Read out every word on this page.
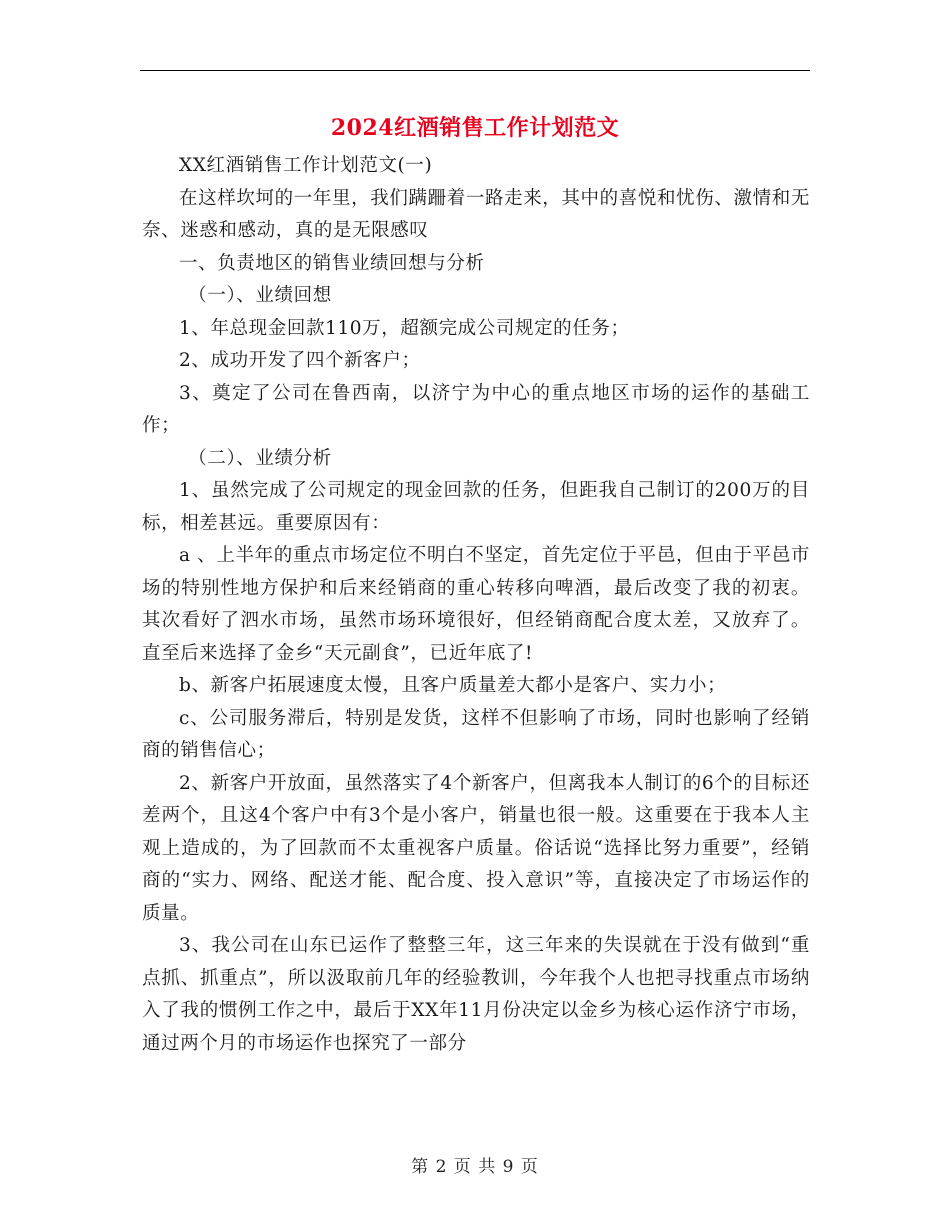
2024红酒销售工作计划范文

XX红酒销售工作计划范文(一)

在这样坎坷的一年里，我们蹒跚着一路走来，其中的喜悦和忧伤、激情和无奈、迷惑和感动，真的是无限感叹

一、负责地区的销售业绩回想与分析

（一）、业绩回想

1、年总现金回款110万，超额完成公司规定的任务；

2、成功开发了四个新客户；

3、奠定了公司在鲁西南，以济宁为中心的重点地区市场的运作的基础工作；

（二）、业绩分析

1、虽然完成了公司规定的现金回款的任务，但距我自己制订的200万的目标，相差甚远。重要原因有：

a 、上半年的重点市场定位不明白不坚定，首先定位于平邑，但由于平邑市场的特别性地方保护和后来经销商的重心转移向啤酒，最后改变了我的初衷。其次看好了泗水市场，虽然市场环境很好，但经销商配合度太差，又放弃了。直至后来选择了金乡“天元副食”，已近年底了!

b、新客户拓展速度太慢，且客户质量差大都小是客户、实力小；

c、公司服务滞后，特别是发货，这样不但影响了市场，同时也影响了经销商的销售信心；

2、新客户开放面，虽然落实了4个新客户，但离我本人制订的6个的目标还差两个，且这4个客户中有3个是小客户，销量也很一般。这重要在于我本人主观上造成的，为了回款而不太重视客户质量。俗话说“选择比努力重要”，经销商的“实力、网络、配送才能、配合度、投入意识”等，直接决定了市场运作的质量。

3、我公司在山东已运作了整整三年，这三年来的失误就在于没有做到“重点抓、抓重点”，所以汲取前几年的经验教训，今年我个人也把寻找重点市场纳入了我的惯例工作之中，最后于XX年11月份决定以金乡为核心运作济宁市场，通过两个月的市场运作也探究了一部分

第 2 页 共 9 页
